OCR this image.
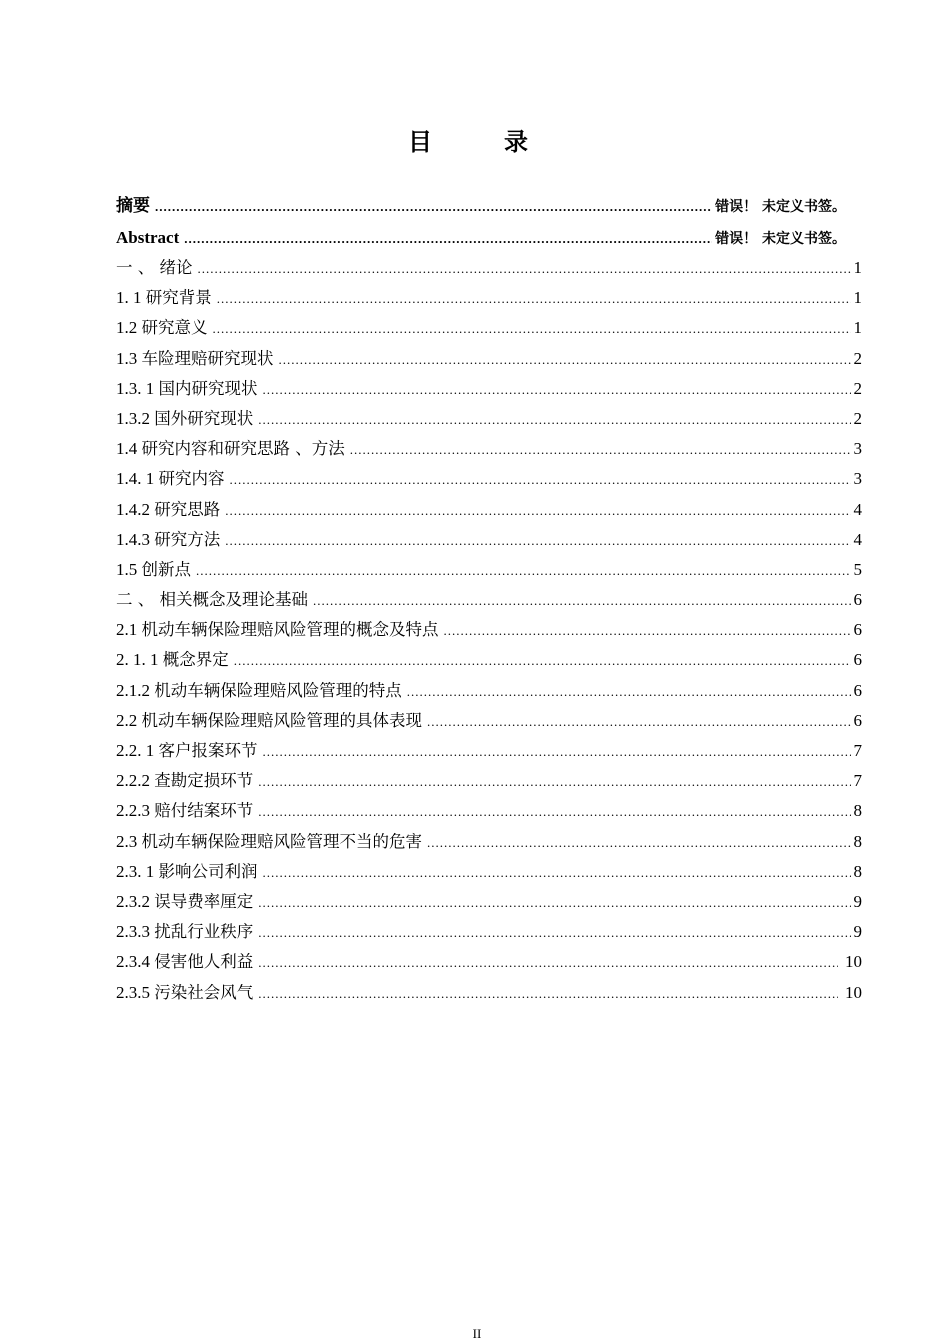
目　录
摘要 .....	错误！ 未定义书签。
Abstract .....	错误！ 未定义书签。
一 、 绪论 .....	1
1. 1 研究背景 .....	1
1.2 研究意义 .....	1
1.3 车险理赔研究现状 .....	2
1.3. 1 国内研究现状 .....	2
1.3.2 国外研究现状 .....	2
1.4 研究内容和研究思路 、方法 .....	3
1.4. 1 研究内容 .....	3
1.4.2 研究思路 .....	4
1.4.3 研究方法 .....	4
1.5 创新点 .....	5
二 、 相关概念及理论基础 .....	6
2.1 机动车辆保险理赔风险管理的概念及特点 .....	6
2. 1. 1 概念界定 .....	6
2.1.2 机动车辆保险理赔风险管理的特点 .....	6
2.2 机动车辆保险理赔风险管理的具体表现 .....	6
2.2. 1 客户报案环节 .....	7
2.2.2 查勘定损环节 .....	7
2.2.3 赔付结案环节 .....	8
2.3 机动车辆保险理赔风险管理不当的危害 .....	8
2.3. 1 影响公司利润 .....	8
2.3.2 误导费率厘定 .....	9
2.3.3 扰乱行业秩序 .....	9
2.3.4 侵害他人利益 .....	10
2.3.5 污染社会风气 .....	10
II
